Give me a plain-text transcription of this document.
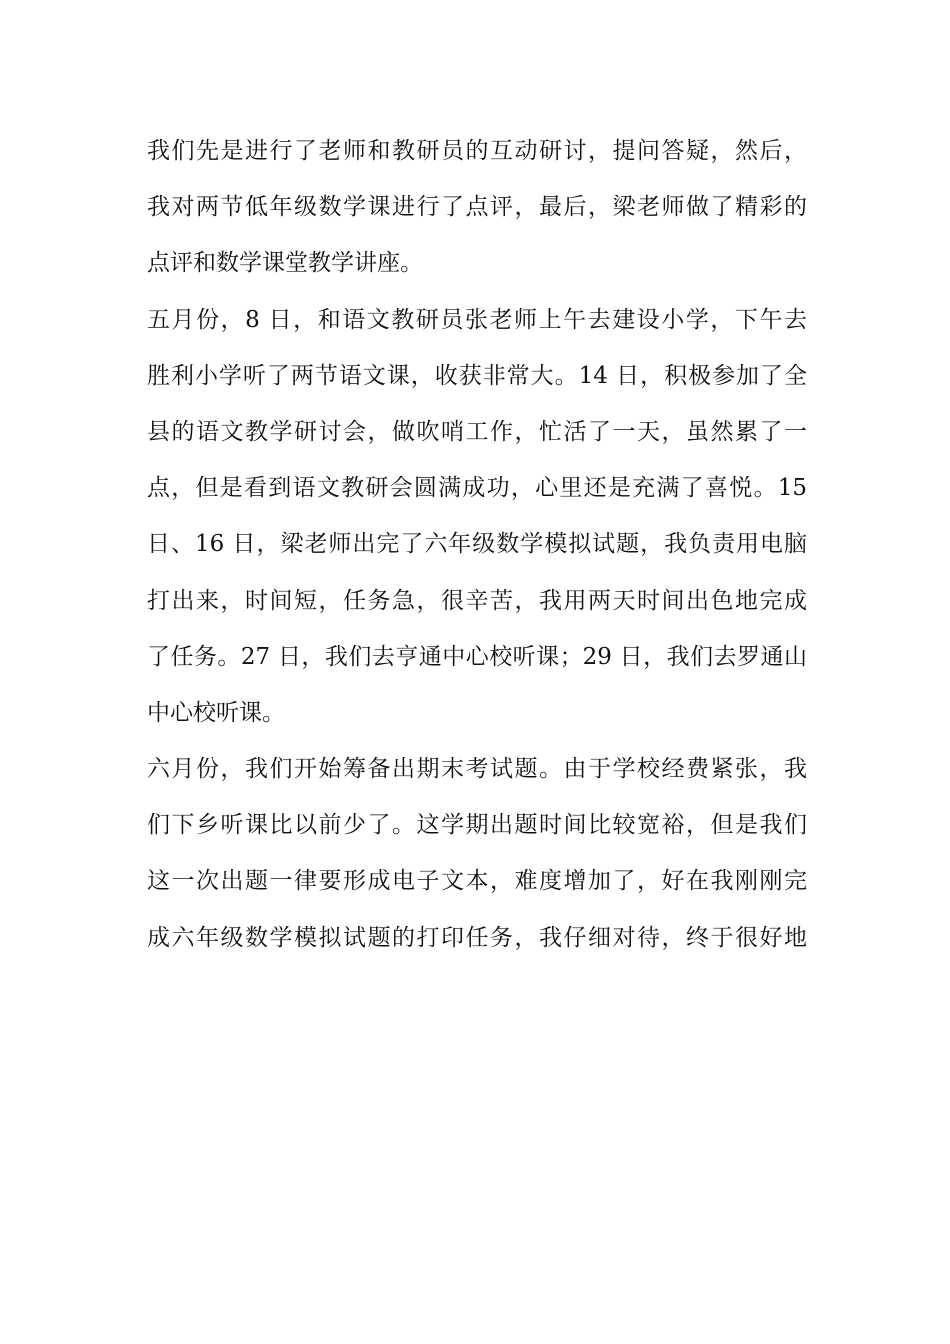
我们先是进行了老师和教研员的互动研讨，提问答疑，然后，
我对两节低年级数学课进行了点评，最后，梁老师做了精彩的
点评和数学课堂教学讲座。
五月份，8 日，和语文教研员张老师上午去建设小学，下午去
胜利小学听了两节语文课，收获非常大。14 日，积极参加了全
县的语文教学研讨会，做吹哨工作，忙活了一天，虽然累了一
点，但是看到语文教研会圆满成功，心里还是充满了喜悦。15
日、16 日，梁老师出完了六年级数学模拟试题，我负责用电脑
打出来，时间短，任务急，很辛苦，我用两天时间出色地完成
了任务。27 日，我们去亨通中心校听课；29 日，我们去罗通山
中心校听课。
六月份，我们开始筹备出期末考试题。由于学校经费紧张，我
们下乡听课比以前少了。这学期出题时间比较宽裕，但是我们
这一次出题一律要形成电子文本，难度增加了，好在我刚刚完
成六年级数学模拟试题的打印任务，我仔细对待，终于很好地
